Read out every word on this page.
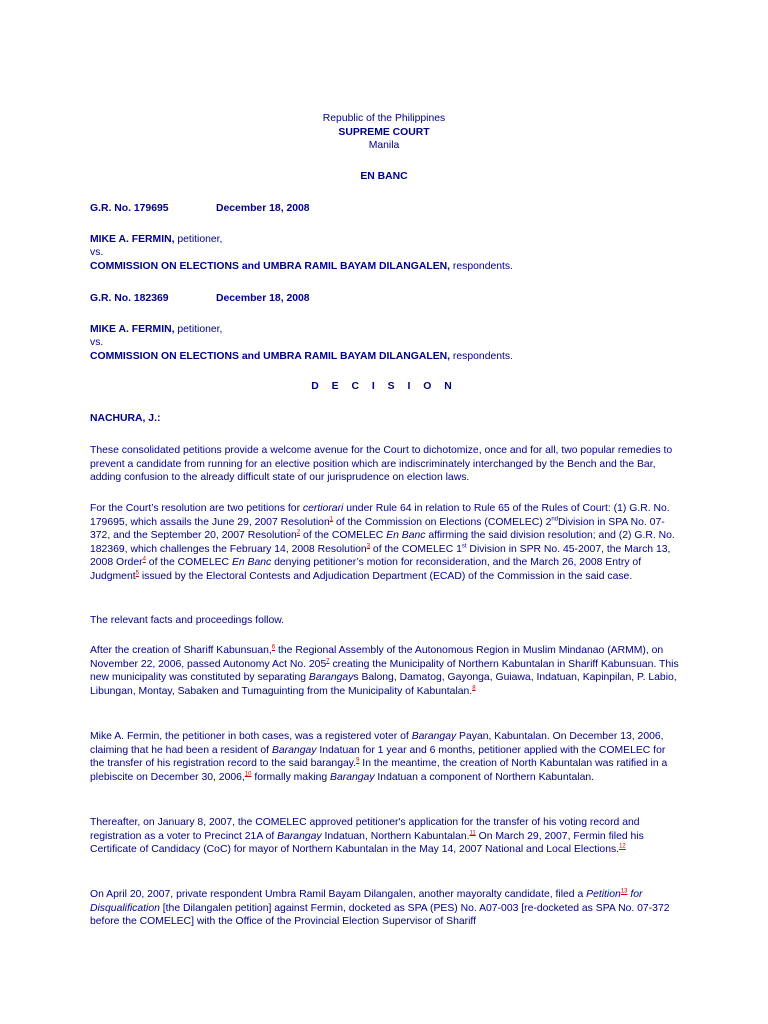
Republic of the Philippines
SUPREME COURT
Manila
EN BANC
G.R. No. 179695	December 18, 2008
MIKE A. FERMIN, petitioner,
vs.
COMMISSION ON ELECTIONS and UMBRA RAMIL BAYAM DILANGALEN, respondents.
G.R. No. 182369	December 18, 2008
MIKE A. FERMIN, petitioner,
vs.
COMMISSION ON ELECTIONS and UMBRA RAMIL BAYAM DILANGALEN, respondents.
D E C I S I O N
NACHURA, J.:

These consolidated petitions provide a welcome avenue for the Court to dichotomize, once and for all, two popular remedies to prevent a candidate from running for an elective position which are indiscriminately interchanged by the Bench and the Bar, adding confusion to the already difficult state of our jurisprudence on election laws.

For the Court’s resolution are two petitions for certiorari under Rule 64 in relation to Rule 65 of the Rules of Court: (1) G.R. No. 179695, which assails the June 29, 2007 Resolution$^1$ of the Commission on Elections (COMELEC) 2ndDivision in SPA No. 07-372, and the September 20, 2007 Resolution$^2$ of the COMELEC En Banc affirming the said division resolution; and (2) G.R. No. 182369, which challenges the February 14, 2008 Resolution$^3$ of the COMELEC 1st Division in SPR No. 45-2007, the March 13, 2008 Order$^4$ of the COMELEC En Banc denying petitioner’s motion for reconsideration, and the March 26, 2008 Entry of Judgment$^5$ issued by the Electoral Contests and Adjudication Department (ECAD) of the Commission in the said case.

The relevant facts and proceedings follow.

After the creation of Shariff Kabunsuan,$^6$ the Regional Assembly of the Autonomous Region in Muslim Mindanao (ARMM), on November 22, 2006, passed Autonomy Act No. 205$^7$ creating the Municipality of Northern Kabuntalan in Shariff Kabunsuan. This new municipality was constituted by separating Barangays Balong, Damatog, Gayonga, Guiawa, Indatuan, Kapinpilan, P. Labio, Libungan, Montay, Sabaken and Tumaguinting from the Municipality of Kabuntalan.$^8$

Mike A. Fermin, the petitioner in both cases, was a registered voter of Barangay Payan, Kabuntalan. On December 13, 2006, claiming that he had been a resident of Barangay Indatuan for 1 year and 6 months, petitioner applied with the COMELEC for the transfer of his registration record to the said barangay.$^9$ In the meantime, the creation of North Kabuntalan was ratified in a plebiscite on December 30, 2006,10 formally making Barangay Indatuan a component of Northern Kabuntalan.

Thereafter, on January 8, 2007, the COMELEC approved petitioner's application for the transfer of his voting record and registration as a voter to Precinct 21A of Barangay Indatuan, Northern Kabuntalan.$^{11}$ On March 29, 2007, Fermin filed his Certificate of Candidacy (CoC) for mayor of Northern Kabuntalan in the May 14, 2007 National and Local Elections.$^{12}$

On April 20, 2007, private respondent Umbra Ramil Bayam Dilangalen, another mayoralty candidate, filed a Petition$^{13}$ for Disqualification [the Dilangalen petition] against Fermin, docketed as SPA (PES) No. A07-003 [re-docketed as SPA No. 07-372 before the COMELEC] with the Office of the Provincial Election Supervisor of Shariff
